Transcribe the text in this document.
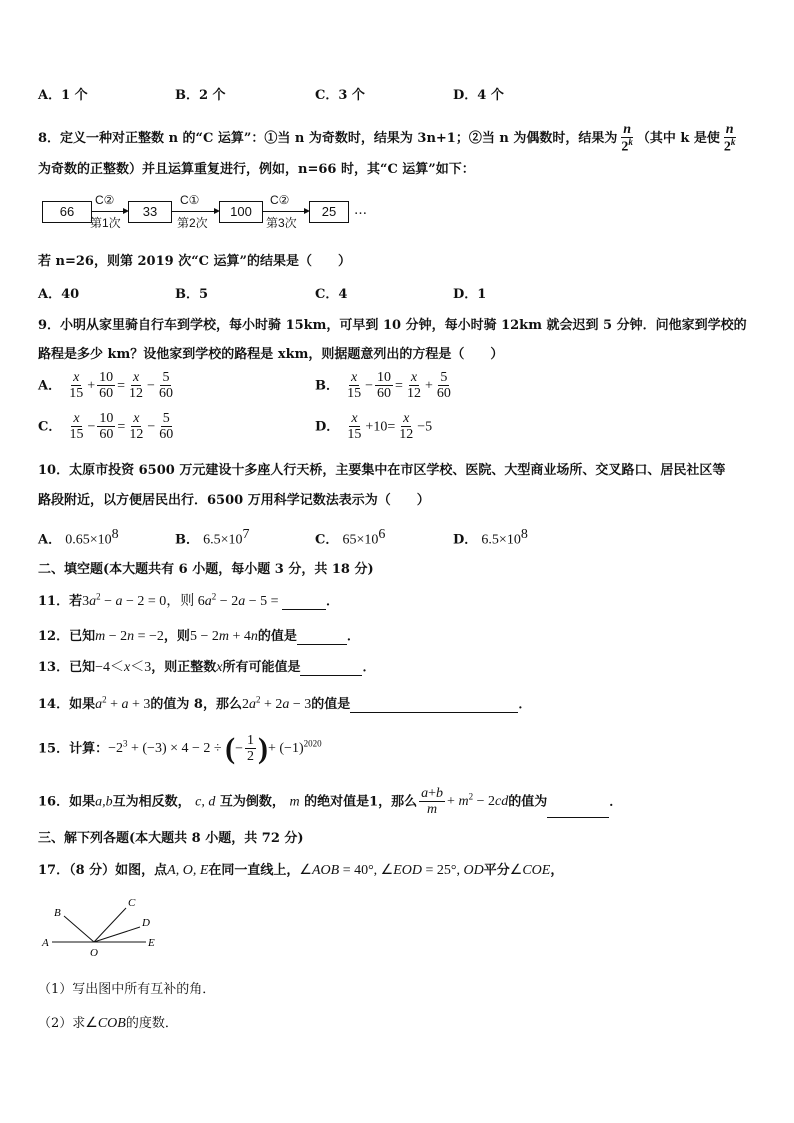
A．1 个	B．2 个	C．3 个	D．4 个
8．定义一种对正整数 n 的“C 运算”：①当 n 为奇数时，结果为 3n+1；②当 n 为偶数时，结果为 $\frac{n}{2^k}$ （其中 k 是使 $\frac{n}{2^k}$
为奇数的正整数）并且运算重复进行，例如，n=66 时，其“C 运算”如下：
66	33	100	25
C②	C①	C②
第1次	第2次	第3次
…
若 n=26，则第 2019 次“C 运算”的结果是（　　）
A．40	B．5	C．4	D．1
9．小明从家里骑自行车到学校，每小时骑 15km，可早到 10 分钟，每小时骑 12km 就会迟到 5 分钟．问他家到学校的
路程是多少 km？设他家到学校的路程是 xkm，则据题意列出的方程是（　　）
A． $\frac{x}{15} + \frac{10}{60} = \frac{x}{12} - \frac{5}{60}$	B． $\frac{x}{15} - \frac{10}{60} = \frac{x}{12} + \frac{5}{60}$
C． $\frac{x}{15} - \frac{10}{60} = \frac{x}{12} - \frac{5}{60}$	D． $\frac{x}{15} +10= \frac{x}{12} -5$
10．太原市投资 6500 万元建设十多座人行天桥，主要集中在市区学校、医院、大型商业场所、交叉路口、居民社区等
路段附近，以方便居民出行．6500 万用科学记数法表示为（　　）
A． $0.65\times 10^8$	B． $6.5\times 10^7$	C． $65\times 10^6$	D． $6.5\times 10^8$
二、填空题(本大题共有 6 小题，每小题 3 分，共 18 分)
11．若$3a^2 - a - 2 = 0$，则 $6a^2 - 2a - 5$ =	．
12．已知m − 2n = −2，则5 − 2m + 4n的值是	．
13．已知−4＜x＜3，则正整数x所有可能值是	．
14．如果$a^2 + a + 3$的值为 8，那么$2a^2 + 2a - 3$的值是	．
15．计算：$-2^3 + (-3) \times 4 - 2$ ÷ (− $\frac{1}{2}$ )+ $(-1)^{2020}$
16．如果a,b互为相反数， c, d 互为倒数， m 的绝对值是1，那么 $\frac{a+b}{m} + m^2 - 2cd$的值为	．
三、解下列各题(本大题共 8 小题，共 72 分)
17．（8 分）如图，点A, O, E在同一直线上，∠AOB = 40°, ∠EOD = 25°, OD平分∠COE，
B
C
D
A
O
E
（1）写出图中所有互补的角．
（2）求∠COB的度数．
